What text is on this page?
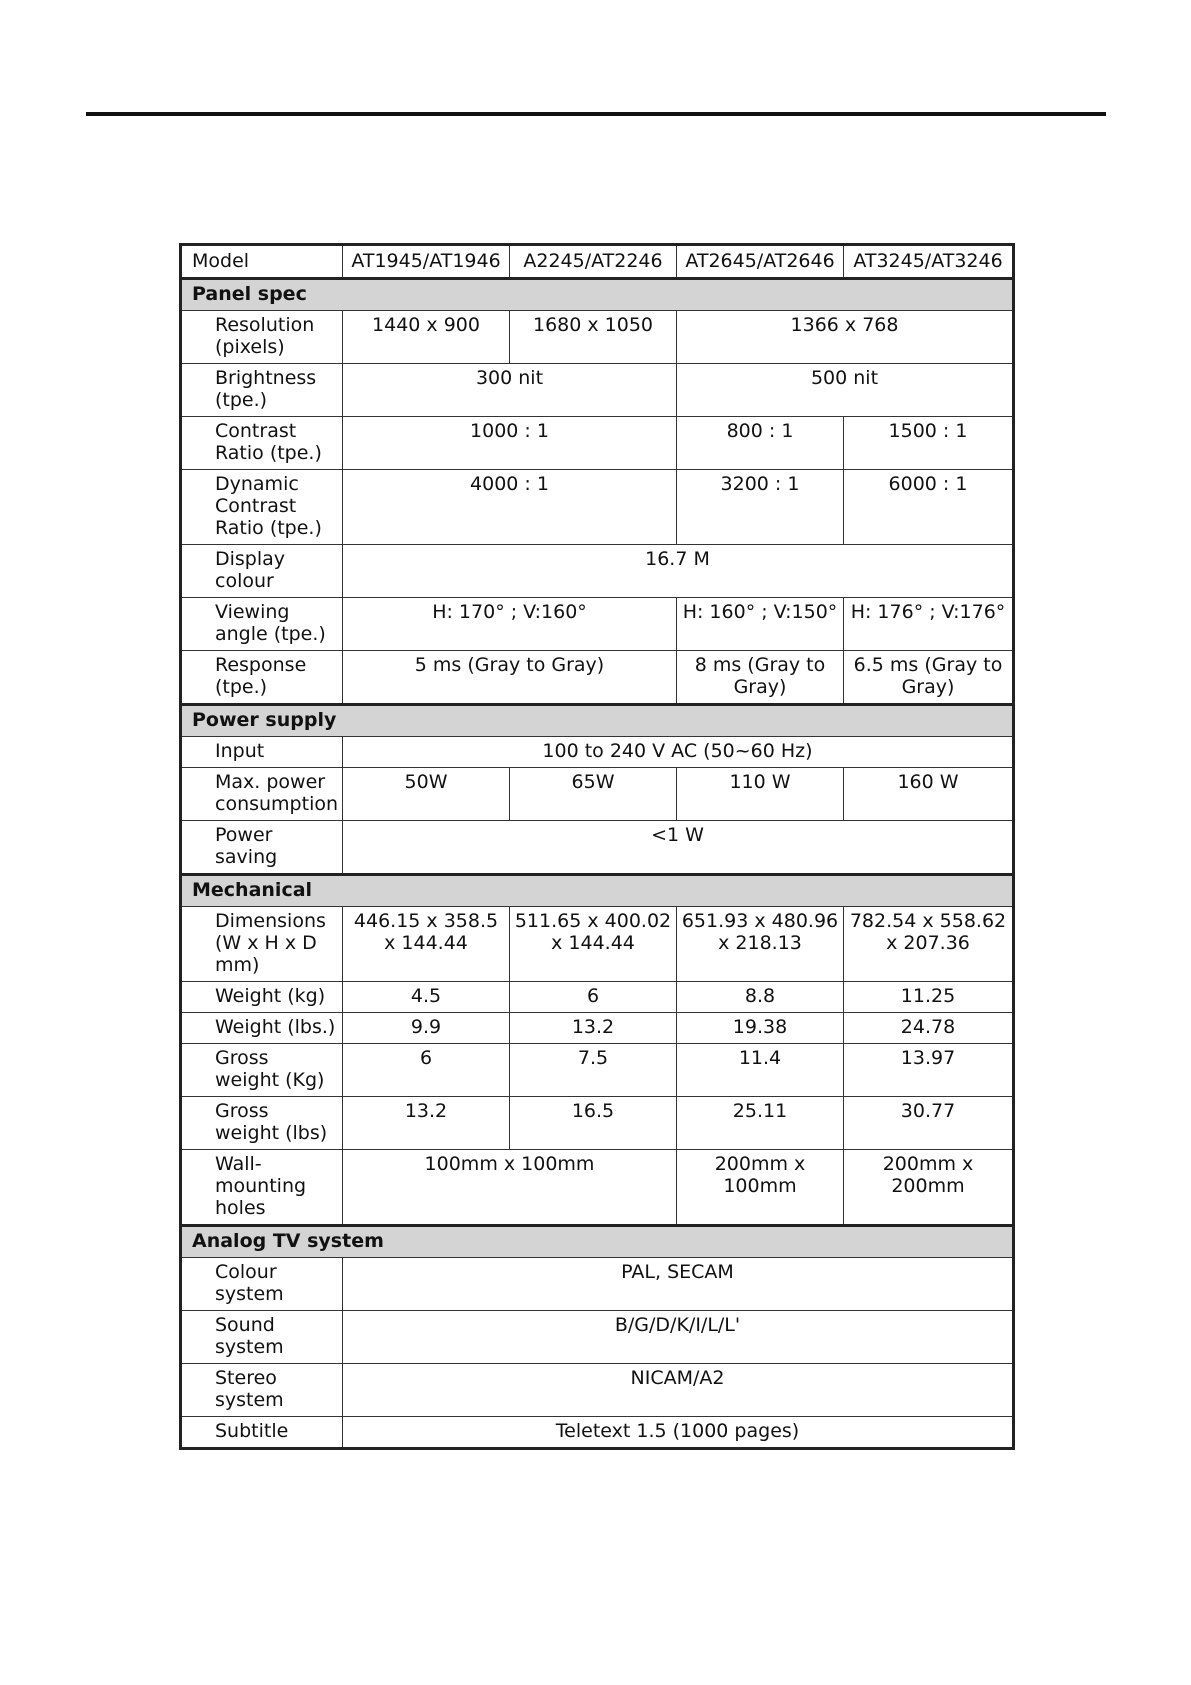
Model	AT1945/AT1946	A2245/AT2246	AT2645/AT2646	AT3245/AT3246
Panel spec				
Resolution (pixels)	1440 x 900	1680 x 1050	1366 x 768	
Brightness (tpe.)	300 nit		500 nit	
Contrast Ratio (tpe.)	1000 : 1		800 : 1	1500 : 1
Dynamic Contrast Ratio (tpe.)	4000 : 1		3200 : 1	6000 : 1
Display colour	16.7 M			
Viewing angle (tpe.)	H: 170° ; V:160°		H: 160° ; V:150°	H: 176° ; V:176°
Response (tpe.)	5 ms (Gray to Gray)		8 ms (Gray to Gray)	6.5 ms (Gray to Gray)
Power supply				
Input	100 to 240 V AC (50~60 Hz)			
Max. power consumption	50W	65W	110 W	160 W
Power saving	<1 W			
Mechanical				
Dimensions (W x H x D mm)	446.15 x 358.5 x 144.44	511.65 x 400.02 x 144.44	651.93 x 480.96 x 218.13	782.54 x 558.62 x 207.36
Weight (kg)	4.5	6	8.8	11.25
Weight (lbs.)	9.9	13.2	19.38	24.78
Gross weight (Kg)	6	7.5	11.4	13.97
Gross weight (lbs)	13.2	16.5	25.11	30.77
Wall-mounting holes	100mm x 100mm		200mm x 100mm	200mm x 200mm
Analog TV system				
Colour system	PAL, SECAM			
Sound system	B/G/D/K/I/L/L'			
Stereo system	NICAM/A2			
Subtitle	Teletext 1.5 (1000 pages)			
